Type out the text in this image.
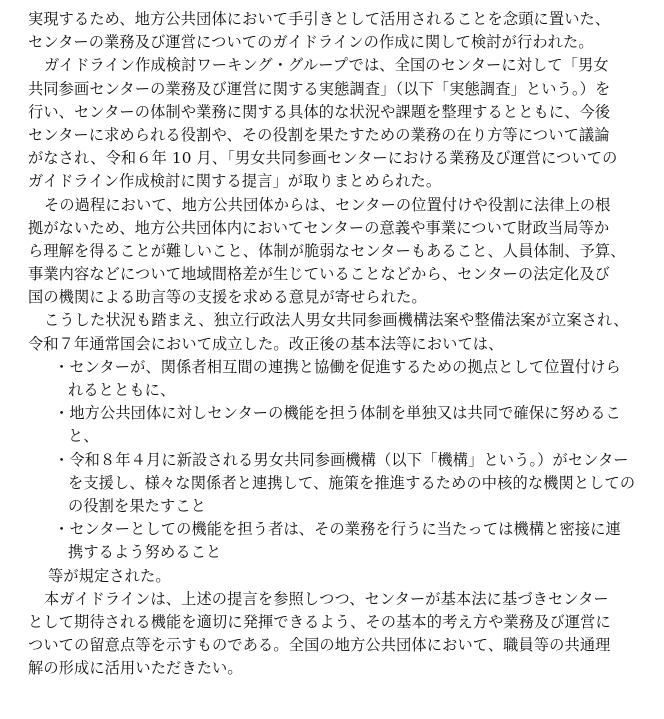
実現するため、地方公共団体において手引きとして活用されることを念頭に置いた、
センターの業務及び運営についてのガイドラインの作成に関して検討が行われた。
ガイドライン作成検討ワーキング・グループでは、全国のセンターに対して「男女
共同参画センターの業務及び運営に関する実態調査」（以下「実態調査」という。）を
行い、センターの体制や業務に関する具体的な状況や課題を整理するとともに、今後
センターに求められる役割や、その役割を果たすための業務の在り方等について議論
がなされ、令和６年 10 月、「男女共同参画センターにおける業務及び運営についての
ガイドライン作成検討に関する提言」が取りまとめられた。
その過程において、地方公共団体からは、センターの位置付けや役割に法律上の根
拠がないため、地方公共団体内においてセンターの意義や事業について財政当局等か
ら理解を得ることが難しいこと、体制が脆弱なセンターもあること、人員体制、予算、
事業内容などについて地域間格差が生じていることなどから、センターの法定化及び
国の機関による助言等の支援を求める意見が寄せられた。
こうした状況も踏まえ、独立行政法人男女共同参画機構法案や整備法案が立案され、
令和７年通常国会において成立した。改正後の基本法等においては、
・センターが、関係者相互間の連携と協働を促進するための拠点として位置付けら
れるとともに、
・地方公共団体に対しセンターの機能を担う体制を単独又は共同で確保に努めるこ
と、
・令和８年４月に新設される男女共同参画機構（以下「機構」という。）がセンター
を支援し、様々な関係者と連携して、施策を推進するための中核的な機関としての
の役割を果たすこと
・センターとしての機能を担う者は、その業務を行うに当たっては機構と密接に連
携するよう努めること
等が規定された。
本ガイドラインは、上述の提言を参照しつつ、センターが基本法に基づきセンター
として期待される機能を適切に発揮できるよう、その基本的考え方や業務及び運営に
ついての留意点等を示すものである。全国の地方公共団体において、職員等の共通理
解の形成に活用いただきたい。
